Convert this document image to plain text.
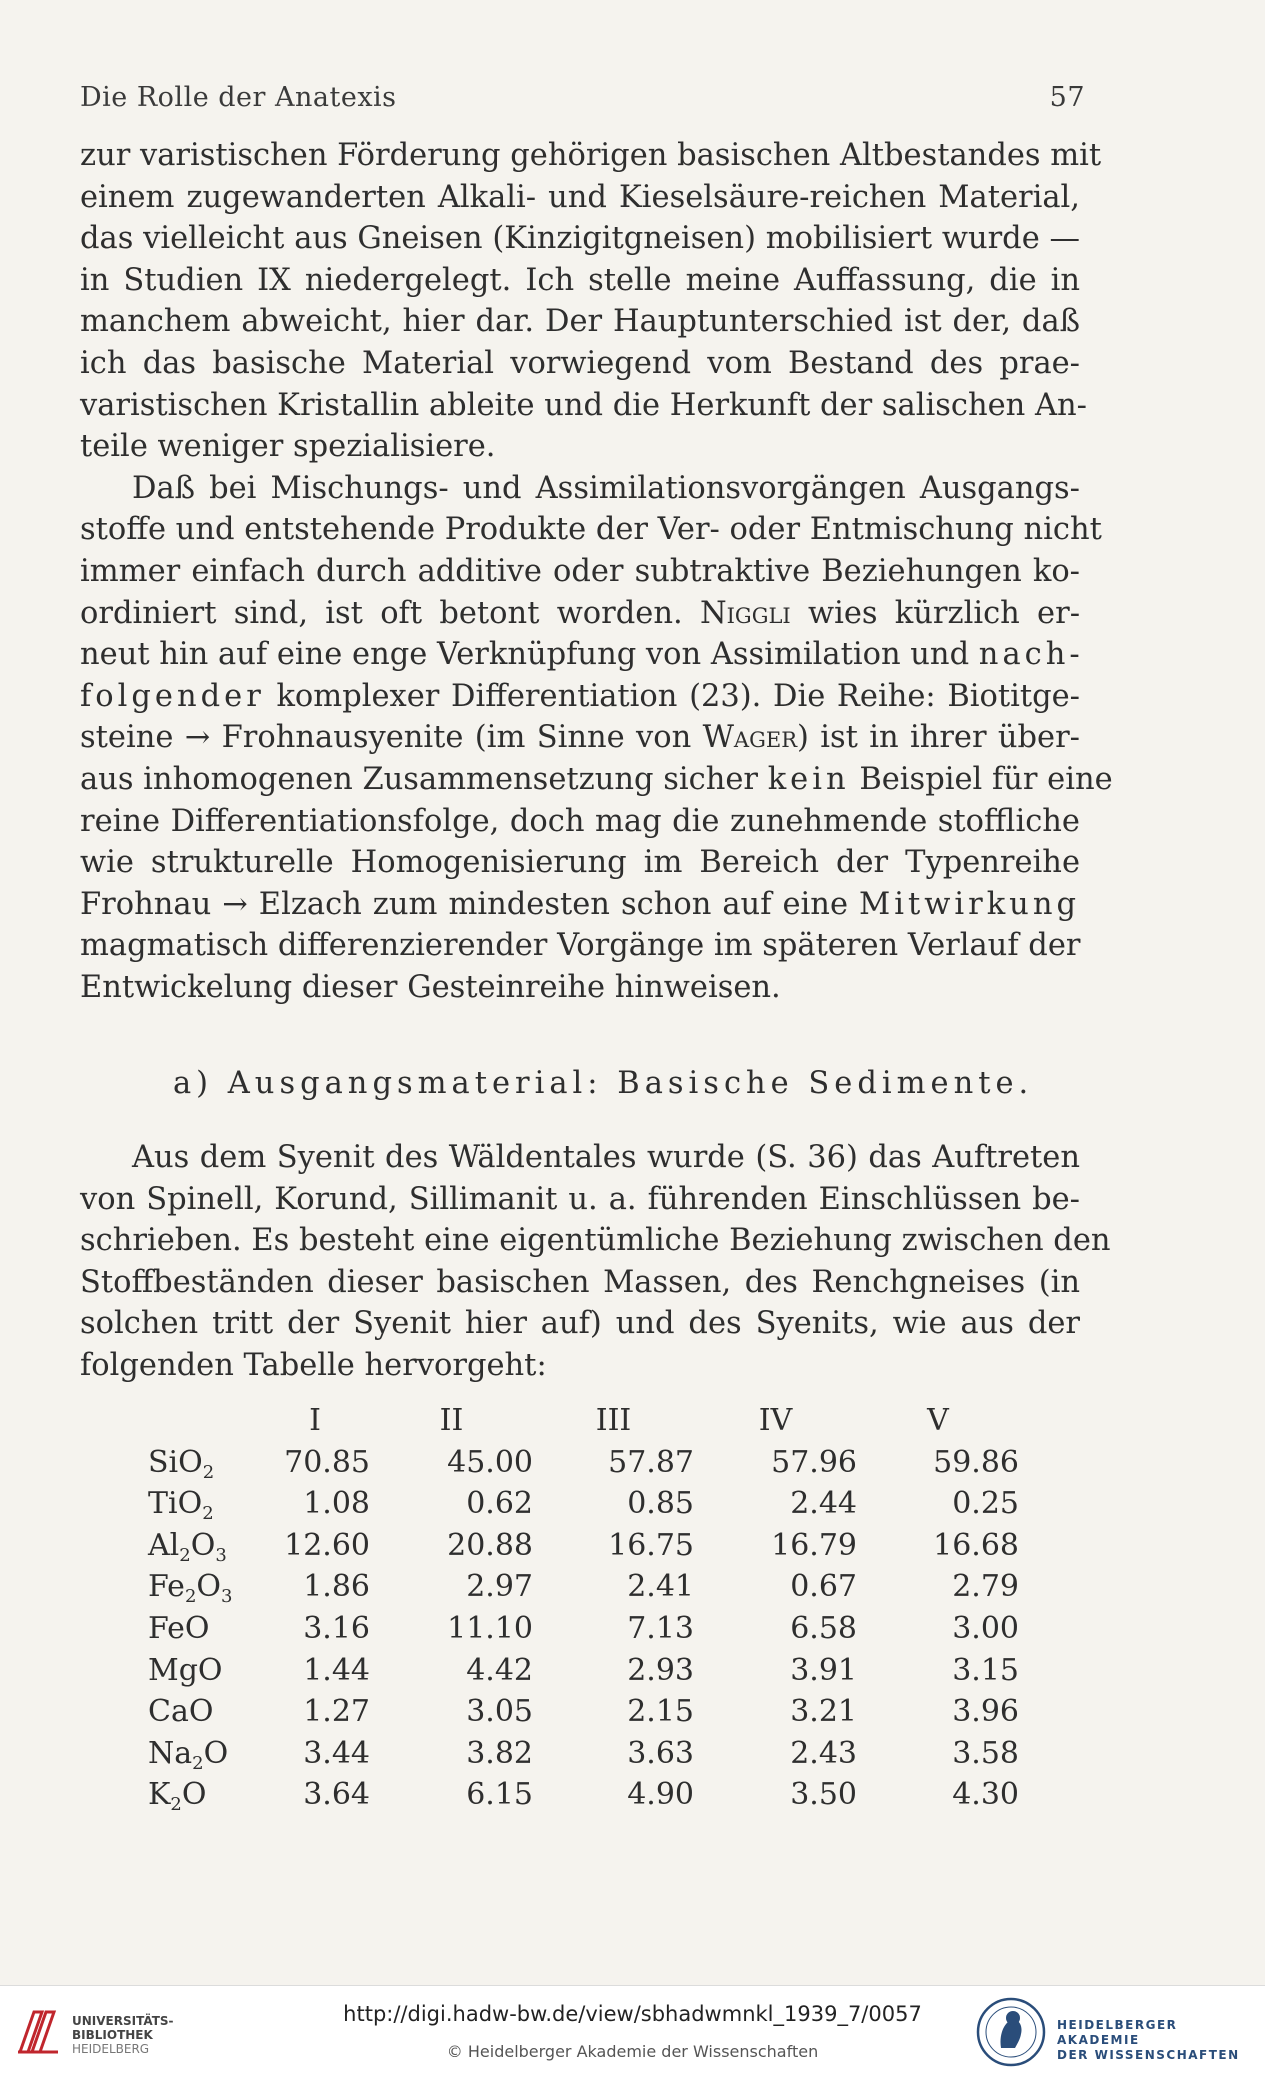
Die Rolle der Anatexis	57
zur varistischen Förderung gehörigen basischen Altbestandes mit
einem zugewanderten Alkali- und Kieselsäure-reichen Material,
das vielleicht aus Gneisen (Kinzigitgneisen) mobilisiert wurde —
in Studien IX niedergelegt. Ich stelle meine Auffassung, die in
manchem abweicht, hier dar. Der Hauptunterschied ist der, daß
ich das basische Material vorwiegend vom Bestand des prae-
varistischen Kristallin ableite und die Herkunft der salischen An-
teile weniger spezialisiere.
Daß bei Mischungs- und Assimilationsvorgängen Ausgangs-
stoffe und entstehende Produkte der Ver- oder Entmischung nicht
immer einfach durch additive oder subtraktive Beziehungen ko-
ordiniert sind, ist oft betont worden. Niggli wies kürzlich er-
neut hin auf eine enge Verknüpfung von Assimilation und nach-
folgender komplexer Differentiation (23). Die Reihe: Biotitge-
steine → Frohnausyenite (im Sinne von Wager) ist in ihrer über-
aus inhomogenen Zusammensetzung sicher kein Beispiel für eine
reine Differentiationsfolge, doch mag die zunehmende stoffliche
wie strukturelle Homogenisierung im Bereich der Typenreihe
Frohnau → Elzach zum mindesten schon auf eine Mitwirkung
magmatisch differenzierender Vorgänge im späteren Verlauf der
Entwickelung dieser Gesteinreihe hinweisen.
a) Ausgangsmaterial: Basische Sedimente.
Aus dem Syenit des Wäldentales wurde (S. 36) das Auftreten
von Spinell, Korund, Sillimanit u. a. führenden Einschlüssen be-
schrieben. Es besteht eine eigentümliche Beziehung zwischen den
Stoffbeständen dieser basischen Massen, des Renchgneises (in
solchen tritt der Syenit hier auf) und des Syenits, wie aus der
folgenden Tabelle hervorgeht:
	I	II	III	IV	V
SiO$_2$	70.85	45.00	57.87	57.96	59.86
TiO$_2$	1.08	0.62	0.85	2.44	0.25
$Al_2O_3$	12.60	20.88	16.75	16.79	16.68
$Fe_2O_3$	1.86	2.97	2.41	0.67	2.79
FeO	3.16	11.10	7.13	6.58	3.00
MgO	1.44	4.42	2.93	3.91	3.15
CaO	1.27	3.05	2.15	3.21	3.96
$Na_2O$	3.44	3.82	3.63	2.43	3.58
$K_2O$	3.64	6.15	4.90	3.50	4.30
UNIVERSITÄTS-
BIBLIOTHEK
HEIDELBERG
http://digi.hadw-bw.de/view/sbhadwmnkl_1939_7/0057
© Heidelberger Akademie der Wissenschaften
HEIDELBERGER AKADEMIE
DER WISSENSCHAFTEN
